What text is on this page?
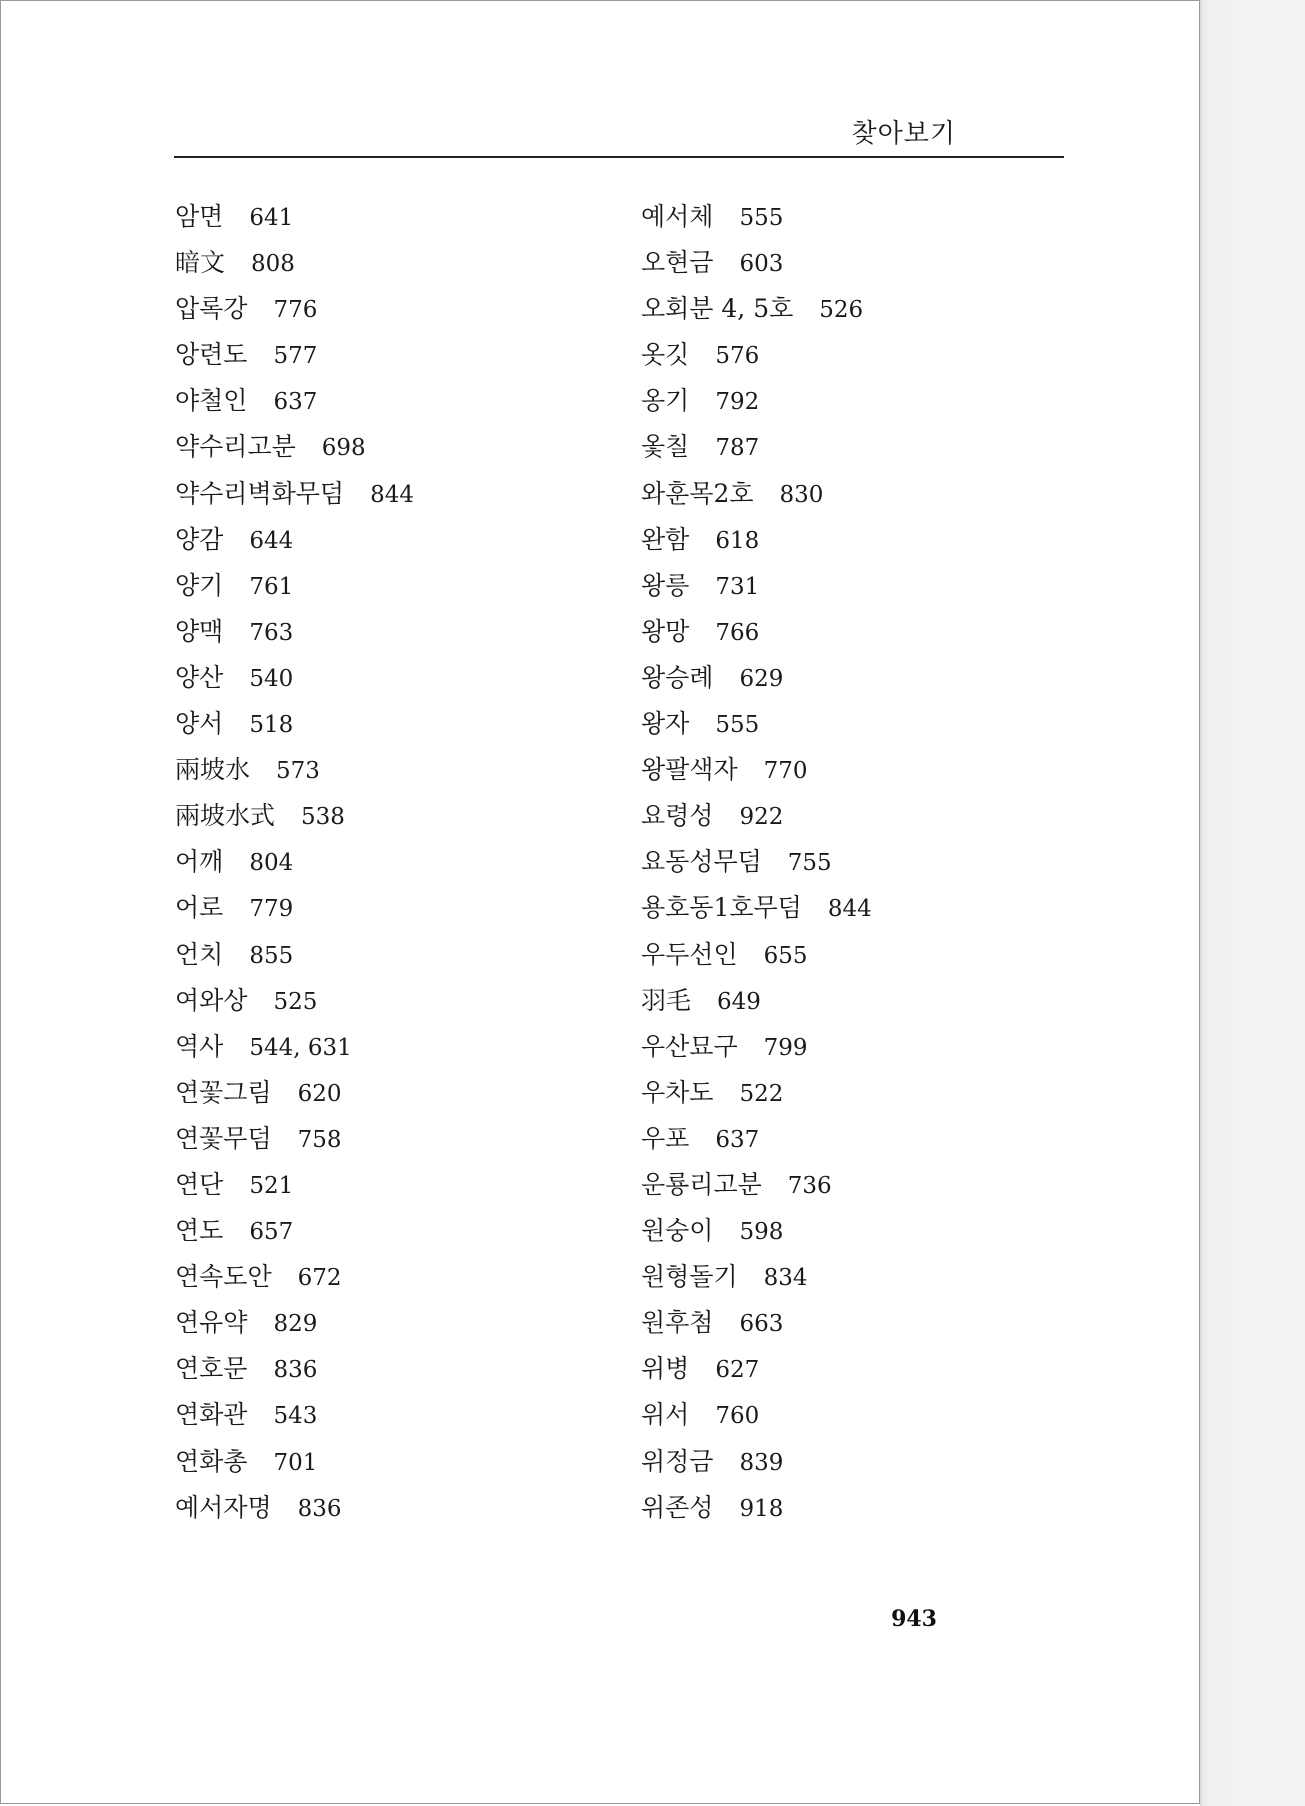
찾아보기
암면 641
暗文 808
압록강 776
앙련도 577
야철인 637
약수리고분 698
약수리벽화무덤 844
양감 644
양기 761
양맥 763
양산 540
양서 518
兩坡水 573
兩坡水式 538
어깨 804
어로 779
언치 855
여와상 525
역사 544, 631
연꽃그림 620
연꽃무덤 758
연단 521
연도 657
연속도안 672
연유약 829
연호문 836
연화관 543
연화총 701
예서자명 836
예서체 555
오현금 603
오회분 4, 5호 526
옷깃 576
옹기 792
옻칠 787
와훈목2호 830
완함 618
왕릉 731
왕망 766
왕승례 629
왕자 555
왕팔색자 770
요령성 922
요동성무덤 755
용호동1호무덤 844
우두선인 655
羽毛 649
우산묘구 799
우차도 522
우포 637
운룡리고분 736
원숭이 598
원형돌기 834
원후첨 663
위병 627
위서 760
위정금 839
위존성 918
943
